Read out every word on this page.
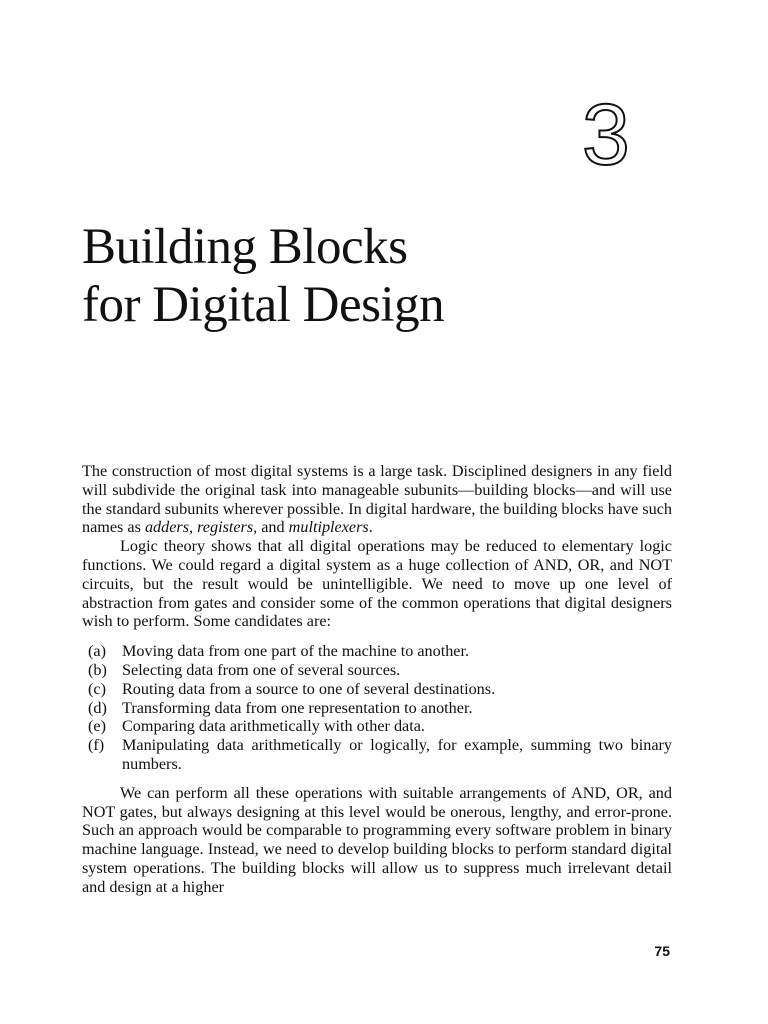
3
Building Blocks
for Digital Design

The construction of most digital systems is a large task. Disciplined designers in any field will subdivide the original task into manageable subunits—building blocks—and will use the standard subunits wherever possible. In digital hardware, the building blocks have such names as adders, registers, and multiplexers.

Logic theory shows that all digital operations may be reduced to elementary logic functions. We could regard a digital system as a huge collection of AND, OR, and NOT circuits, but the result would be unintelligible. We need to move up one level of abstraction from gates and consider some of the common operations that digital designers wish to perform. Some candidates are:

(a) Moving data from one part of the machine to another.
(b) Selecting data from one of several sources.
(c) Routing data from a source to one of several destinations.
(d) Transforming data from one representation to another.
(e) Comparing data arithmetically with other data.
(f)	Manipulating data arithmetically or logically, for example, summing two binary numbers.

We can perform all these operations with suitable arrangements of AND, OR, and NOT gates, but always designing at this level would be onerous, lengthy, and error-prone. Such an approach would be comparable to programming every software problem in binary machine language. Instead, we need to develop building blocks to perform standard digital system operations. The building blocks will allow us to suppress much irrelevant detail and design at a higher

75
